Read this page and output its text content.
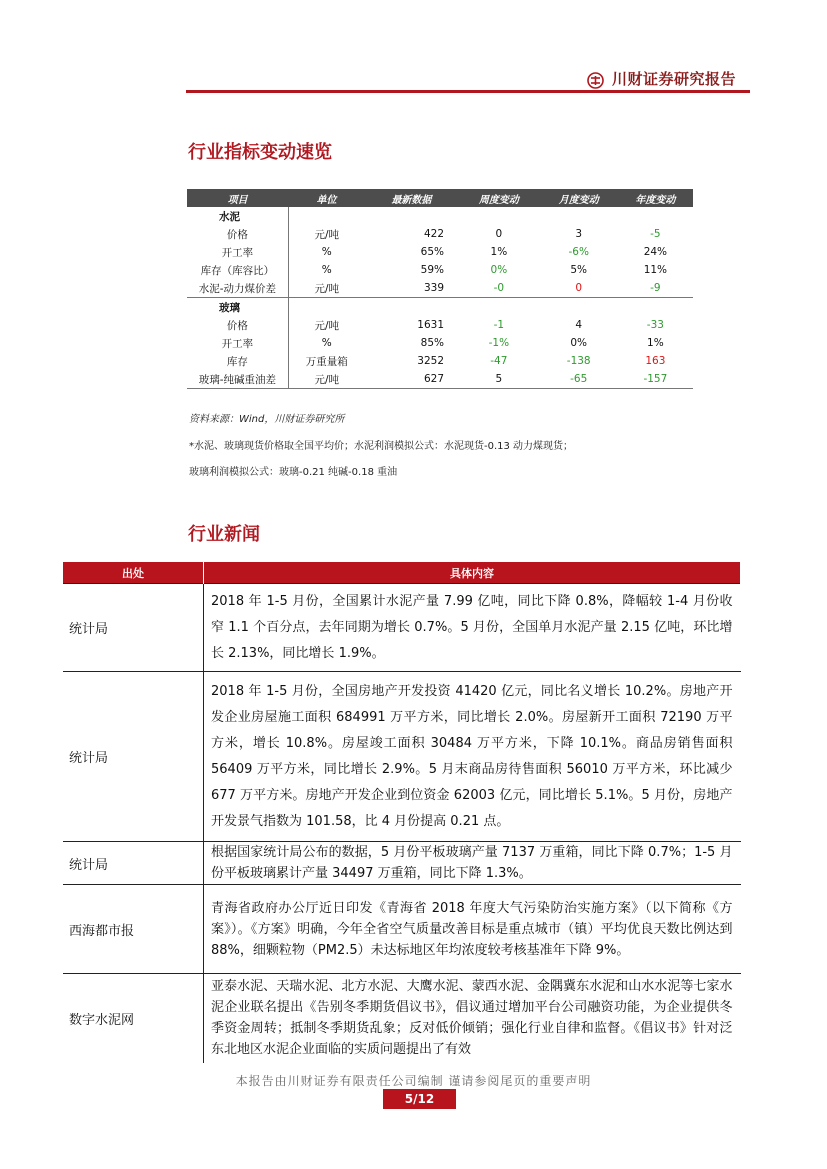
川财证券研究报告
行业指标变动速览
项目	单位	最新数据	周度变动	月度变动	年度变动
水泥					
价格	元/吨	422	0	3	-5
开工率	%	65%	1%	-6%	24%
库存（库容比）	%	59%	0%	5%	11%
水泥-动力煤价差	元/吨	339	-0	0	-9
玻璃					
价格	元/吨	1631	-1	4	-33
开工率	%	85%	-1%	0%	1%
库存	万重量箱	3252	-47	-138	163
玻璃-纯碱重油差	元/吨	627	5	-65	-157
资料来源：Wind，川财证券研究所
*水泥、玻璃现货价格取全国平均价；水泥利润模拟公式：水泥现货-0.13 动力煤现货；
玻璃利润模拟公式：玻璃-0.21 纯碱-0.18 重油
行业新闻
出处	具体内容
统计局	2018 年 1-5 月份，全国累计水泥产量 7.99 亿吨，同比下降 0.8%，降幅较 1-4 月份收窄 1.1 个百分点，去年同期为增长 0.7%。5 月份，全国单月水泥产量 2.15 亿吨，环比增长 2.13%，同比增长 1.9%。
统计局	2018 年 1-5 月份，全国房地产开发投资 41420 亿元，同比名义增长 10.2%。房地产开发企业房屋施工面积 684991 万平方米，同比增长 2.0%。房屋新开工面积 72190 万平方米，增长 10.8%。房屋竣工面积 30484 万平方米，下降 10.1%。商品房销售面积 56409 万平方米，同比增长 2.9%。5 月末商品房待售面积 56010 万平方米，环比减少 677 万平方米。房地产开发企业到位资金 62003 亿元，同比增长 5.1%。5 月份，房地产开发景气指数为 101.58，比 4 月份提高 0.21 点。
统计局	根据国家统计局公布的数据，5 月份平板玻璃产量 7137 万重箱，同比下降 0.7%；1-5 月份平板玻璃累计产量 34497 万重箱，同比下降 1.3%。
西海都市报	青海省政府办公厅近日印发《青海省 2018 年度大气污染防治实施方案》（以下简称《方案》）。《方案》明确，今年全省空气质量改善目标是重点城市（镇）平均优良天数比例达到 88%，细颗粒物（PM2.5）未达标地区年均浓度较考核基准年下降 9%。
数字水泥网	亚泰水泥、天瑞水泥、北方水泥、大鹰水泥、蒙西水泥、金隅冀东水泥和山水水泥等七家水泥企业联名提出《告别冬季期货倡议书》，倡议通过增加平台公司融资功能，为企业提供冬季资金周转；抵制冬季期货乱象；反对低价倾销；强化行业自律和监督。《倡议书》针对泛东北地区水泥企业面临的实质问题提出了有效
本报告由川财证券有限责任公司编制 谨请参阅尾页的重要声明
5/12
